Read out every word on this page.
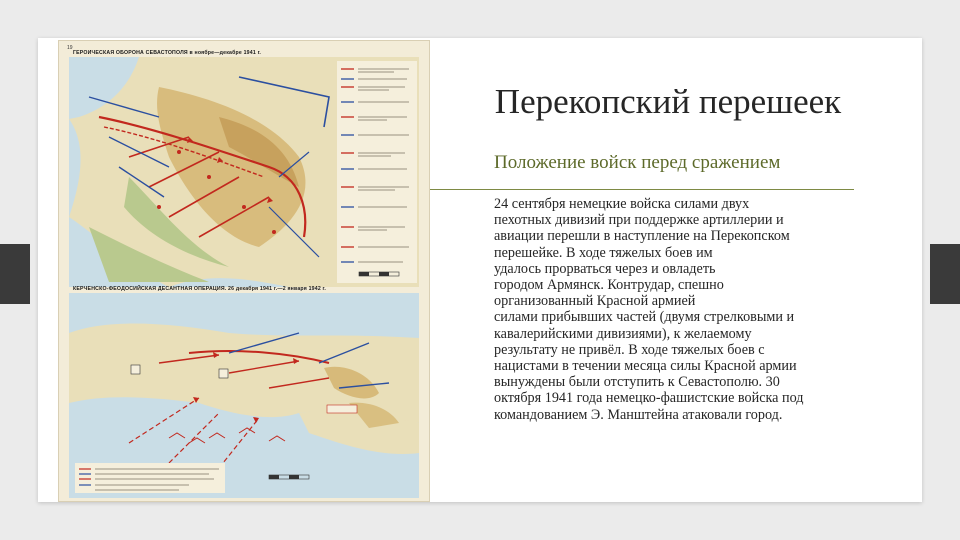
19
ГЕРОИЧЕСКАЯ ОБОРОНА СЕВАСТОПОЛЯ в ноябре—декабре 1941 г.
КЕРЧЕНСКО-ФЕОДОСИЙСКАЯ ДЕСАНТНАЯ ОПЕРАЦИЯ. 26 декабря 1941 г.—2 января 1942 г.
Перекопский перешеек
Положение войск перед сражением
24 сентября немецкие войска силами двух
пехотных дивизий при поддержке артиллерии и
авиации перешли в наступление на Перекопском
перешейке. В ходе тяжелых боев им
удалось прорваться через и овладеть
городом Армянск. Контрудар, спешно
организованный Красной армией
силами прибывших частей (двумя стрелковыми и
кавалерийскими дивизиями), к желаемому
результату не привёл. В ходе тяжелых боев с
нацистами в течении месяца силы Красной армии
вынуждены были отступить к Севастополю. 30
октября 1941 года немецко-фашистские войска под
командованием Э. Манштейна атаковали город.
